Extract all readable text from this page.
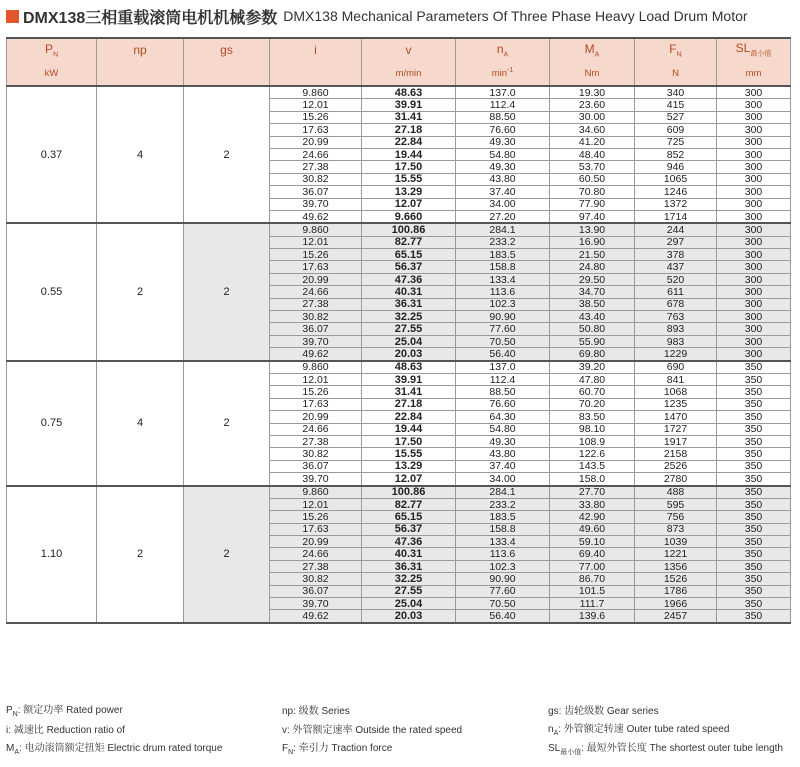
DMX138三相重载滚筒电机机械参数 DMX138 Mechanical Parameters Of Three Phase Heavy Load Drum Motor
$P_N$	np	gs	i	v	$n_A$	$M_A$	$F_N$	$SL_{最小值}$
kW				m/min	$\min^{-1}$	Nm	N	mm
0.37	4	2	9.860	48.63	137.0	19.30	340	300
			12.01	39.91	112.4	23.60	415	300
			15.26	31.41	88.50	30.00	527	300
			17.63	27.18	76.60	34.60	609	300
			20.99	22.84	49.30	41.20	725	300
			24.66	19.44	54.80	48.40	852	300
			27.38	17.50	49.30	53.70	946	300
			30.82	15.55	43.80	60.50	1065	300
			36.07	13.29	37.40	70.80	1246	300
			39.70	12.07	34.00	77.90	1372	300
			49.62	9.660	27.20	97.40	1714	300
0.55	2	2	9.860	100.86	284.1	13.90	244	300
			12.01	82.77	233.2	16.90	297	300
			15.26	65.15	183.5	21.50	378	300
			17.63	56.37	158.8	24.80	437	300
			20.99	47.36	133.4	29.50	520	300
			24.66	40.31	113.6	34.70	611	300
			27.38	36.31	102.3	38.50	678	300
			30.82	32.25	90.90	43.40	763	300
			36.07	27.55	77.60	50.80	893	300
			39.70	25.04	70.50	55.90	983	300
			49.62	20.03	56.40	69.80	1229	300
0.75	4	2	9.860	48.63	137.0	39.20	690	350
			12.01	39.91	112.4	47.80	841	350
			15.26	31.41	88.50	60.70	1068	350
			17.63	27.18	76.60	70.20	1235	350
			20.99	22.84	64.30	83.50	1470	350
			24.66	19.44	54.80	98.10	1727	350
			27.38	17.50	49.30	108.9	1917	350
			30.82	15.55	43.80	122.6	2158	350
			36.07	13.29	37.40	143.5	2526	350
			39.70	12.07	34.00	158.0	2780	350
1.10	2	2	9.860	100.86	284.1	27.70	488	350
			12.01	82.77	233.2	33.80	595	350
			15.26	65.15	183.5	42.90	756	350
			17.63	56.37	158.8	49.60	873	350
			20.99	47.36	133.4	59.10	1039	350
			24.66	40.31	113.6	69.40	1221	350
			27.38	36.31	102.3	77.00	1356	350
			30.82	32.25	90.90	86.70	1526	350
			36.07	27.55	77.60	101.5	1786	350
			39.70	25.04	70.50	111.7	1966	350
			49.62	20.03	56.40	139.6	2457	350
$P_N$: 额定功率 Rated power	np: 级数 Series	gs: 齿轮级数 Gear series
i: 减速比 Reduction ratio of	v: 外管额定速率 Outside the rated speed	$n_A$: 外管额定转速 Outer tube rated speed
$M_A$: 电动滚筒额定扭矩 Electric drum rated torque	$F_N$: 牵引力 Traction force	$SL_{最小值}$: 最短外管长度 The shortest outer tube length
